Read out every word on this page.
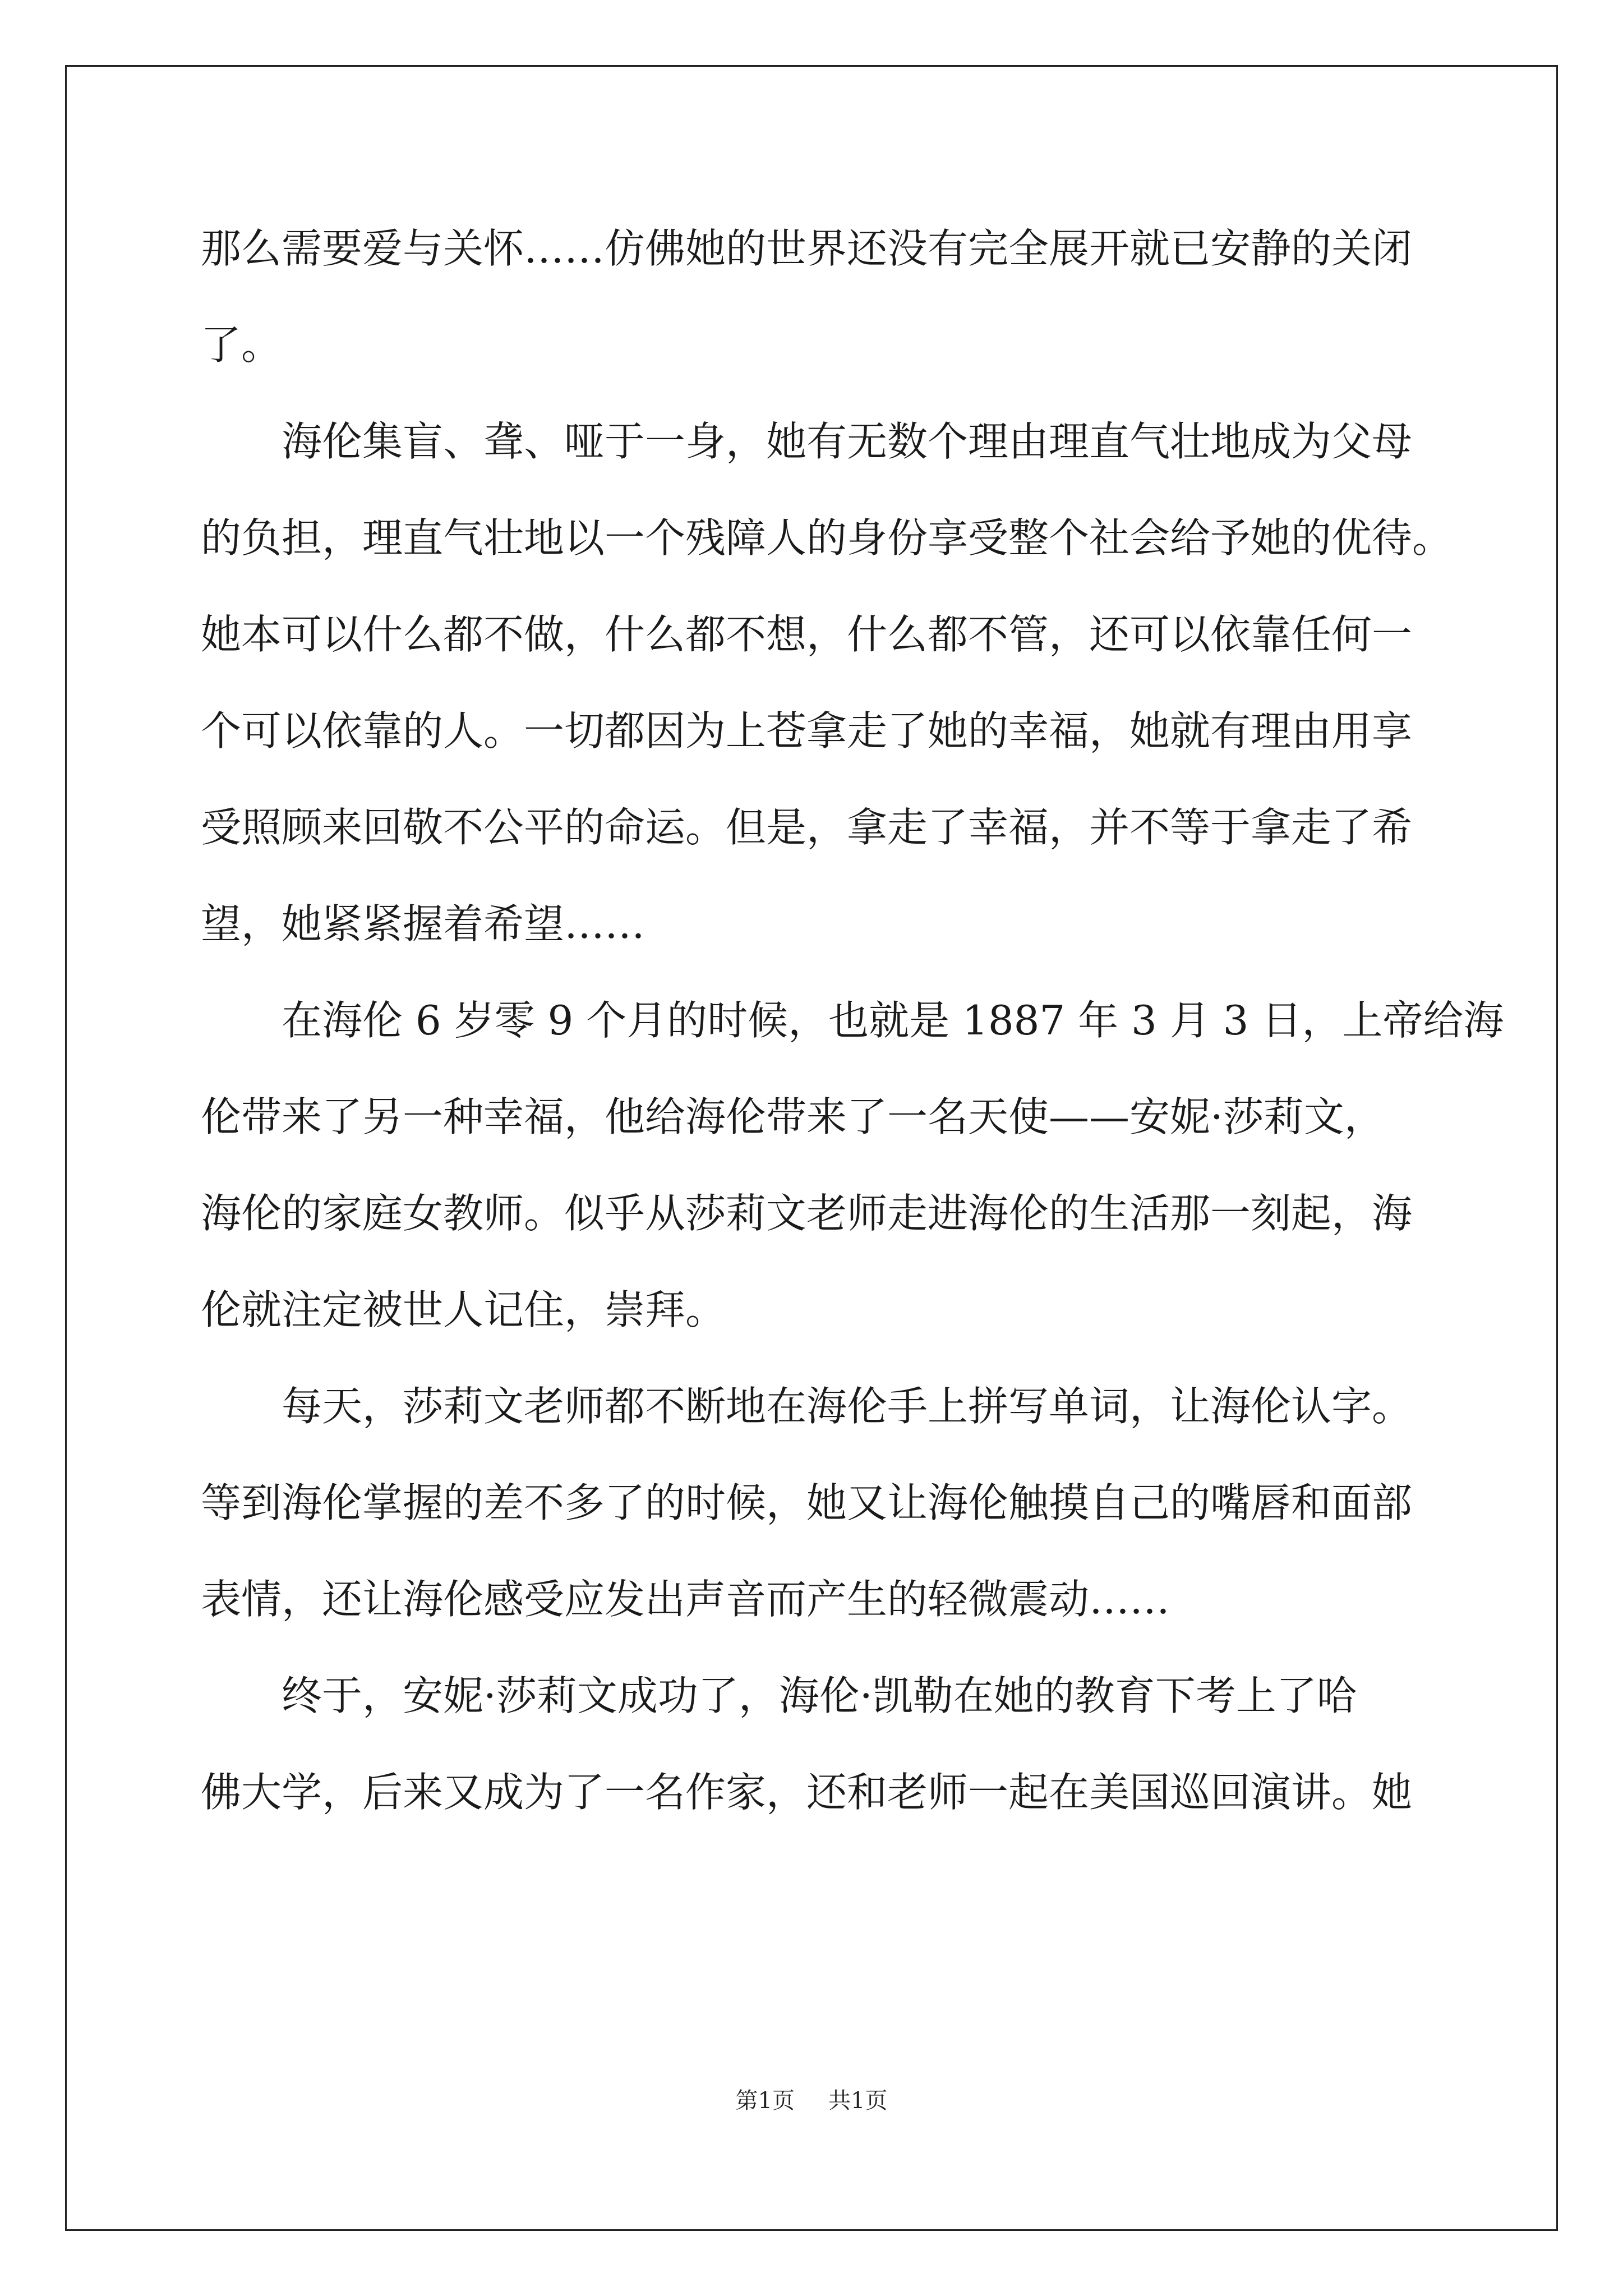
那么需要爱与关怀……仿佛她的世界还没有完全展开就已安静的关闭
了。
海伦集盲、聋、哑于一身，她有无数个理由理直气壮地成为父母
的负担，理直气壮地以一个残障人的身份享受整个社会给予她的优待。
她本可以什么都不做，什么都不想，什么都不管，还可以依靠任何一
个可以依靠的人。一切都因为上苍拿走了她的幸福，她就有理由用享
受照顾来回敬不公平的命运。但是，拿走了幸福，并不等于拿走了希
望，她紧紧握着希望……
在海伦 6 岁零 9 个月的时候，也就是 1887 年 3 月 3 日，上帝给海
伦带来了另一种幸福，他给海伦带来了一名天使——安妮·莎莉文，
海伦的家庭女教师。似乎从莎莉文老师走进海伦的生活那一刻起，海
伦就注定被世人记住，崇拜。
每天，莎莉文老师都不断地在海伦手上拼写单词，让海伦认字。
等到海伦掌握的差不多了的时候，她又让海伦触摸自己的嘴唇和面部
表情，还让海伦感受应发出声音而产生的轻微震动……
终于，安妮·莎莉文成功了，海伦·凯勒在她的教育下考上了哈
佛大学，后来又成为了一名作家，还和老师一起在美国巡回演讲。她
第1页 共1页
